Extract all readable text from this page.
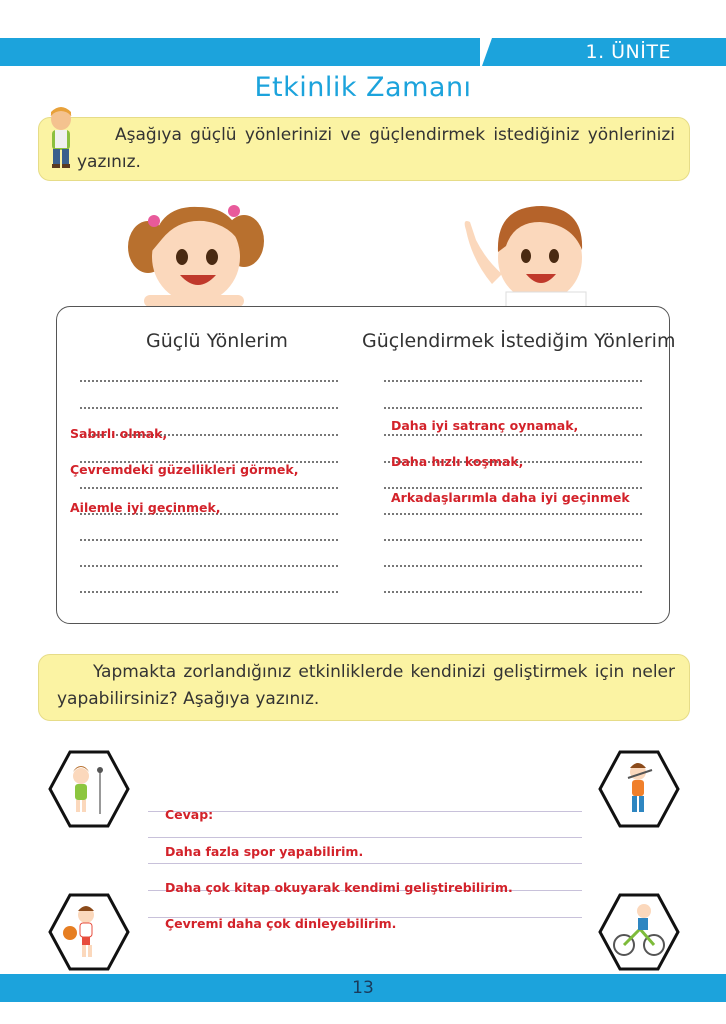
1. ÜNİTE
Etkinlik Zamanı

Aşağıya güçlü yönlerinizi ve güçlendirmek istediğiniz yönlerinizi yazınız.

Güçlü Yönlerim	Güçlendirmek İstediğim Yönlerim
Sabırlı olmak,
Çevremdeki güzellikleri görmek,
Ailemle iyi geçinmek,
Daha iyi satranç oynamak,
Daha hızlı koşmak,
Arkadaşlarımla daha iyi geçinmek

Yapmakta zorlandığınız etkinliklerde kendinizi geliştirmek için neler yapabilirsiniz? Aşağıya yazınız.

Cevap:
Daha fazla spor yapabilirim.
Daha çok kitap okuyarak kendimi geliştirebilirim.
Çevremi daha çok dinleyebilirim.
13
